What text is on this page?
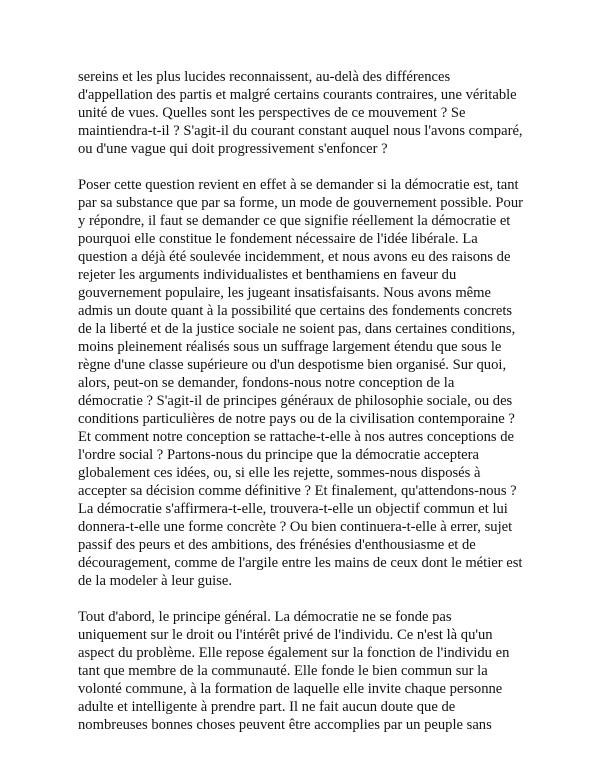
sereins et les plus lucides reconnaissent, au-delà des différences
d'appellation des partis et malgré certains courants contraires, une véritable
unité de vues. Quelles sont les perspectives de ce mouvement ? Se
maintiendra-t-il ? S'agit-il du courant constant auquel nous l'avons comparé,
ou d'une vague qui doit progressivement s'enfoncer ?

Poser cette question revient en effet à se demander si la démocratie est, tant
par sa substance que par sa forme, un mode de gouvernement possible. Pour
y répondre, il faut se demander ce que signifie réellement la démocratie et
pourquoi elle constitue le fondement nécessaire de l'idée libérale. La
question a déjà été soulevée incidemment, et nous avons eu des raisons de
rejeter les arguments individualistes et benthamiens en faveur du
gouvernement populaire, les jugeant insatisfaisants. Nous avons même
admis un doute quant à la possibilité que certains des fondements concrets
de la liberté et de la justice sociale ne soient pas, dans certaines conditions,
moins pleinement réalisés sous un suffrage largement étendu que sous le
règne d'une classe supérieure ou d'un despotisme bien organisé. Sur quoi,
alors, peut-on se demander, fondons-nous notre conception de la
démocratie ? S'agit-il de principes généraux de philosophie sociale, ou des
conditions particulières de notre pays ou de la civilisation contemporaine ?
Et comment notre conception se rattache-t-elle à nos autres conceptions de
l'ordre social ? Partons-nous du principe que la démocratie acceptera
globalement ces idées, ou, si elle les rejette, sommes-nous disposés à
accepter sa décision comme définitive ? Et finalement, qu'attendons-nous ?
La démocratie s'affirmera-t-elle, trouvera-t-elle un objectif commun et lui
donnera-t-elle une forme concrète ? Ou bien continuera-t-elle à errer, sujet
passif des peurs et des ambitions, des frénésies d'enthousiasme et de
découragement, comme de l'argile entre les mains de ceux dont le métier est
de la modeler à leur guise.

Tout d'abord, le principe général. La démocratie ne se fonde pas
uniquement sur le droit ou l'intérêt privé de l'individu. Ce n'est là qu'un
aspect du problème. Elle repose également sur la fonction de l'individu en
tant que membre de la communauté. Elle fonde le bien commun sur la
volonté commune, à la formation de laquelle elle invite chaque personne
adulte et intelligente à prendre part. Il ne fait aucun doute que de
nombreuses bonnes choses peuvent être accomplies par un peuple sans
